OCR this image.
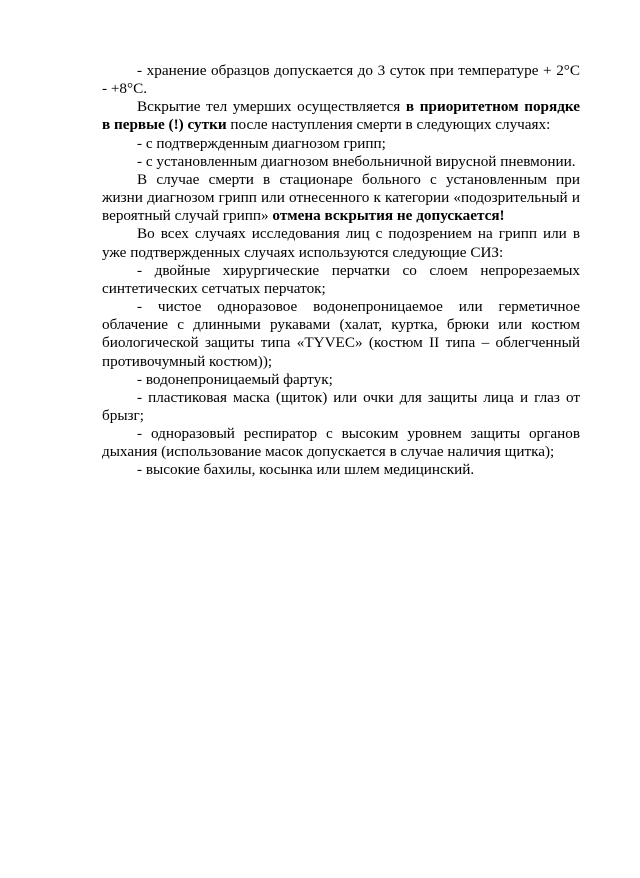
- хранение образцов допускается до 3 суток при температуре + 2°С - +8°С.

Вскрытие тел умерших осуществляется в приоритетном порядке в первые (!) сутки после наступления смерти в следующих случаях:

- с подтвержденным диагнозом грипп;

- с установленным диагнозом внебольничной вирусной пневмонии.

В случае смерти в стационаре больного с установленным при жизни диагнозом грипп или отнесенного к категории «подозрительный и вероятный случай грипп» отмена вскрытия не допускается!

Во всех случаях исследования лиц с подозрением на грипп или в уже подтвержденных случаях используются следующие СИЗ:

- двойные хирургические перчатки со слоем непрорезаемых синтетических сетчатых перчаток;

- чистое одноразовое водонепроницаемое или герметичное облачение с длинными рукавами (халат, куртка, брюки или костюм биологической защиты типа «TYVEC» (костюм II типа – облегченный противочумный костюм));

- водонепроницаемый фартук;

- пластиковая маска (щиток) или очки для защиты лица и глаз от брызг;

- одноразовый респиратор с высоким уровнем защиты органов дыхания (использование масок допускается в случае наличия щитка);

- высокие бахилы, косынка или шлем медицинский.
